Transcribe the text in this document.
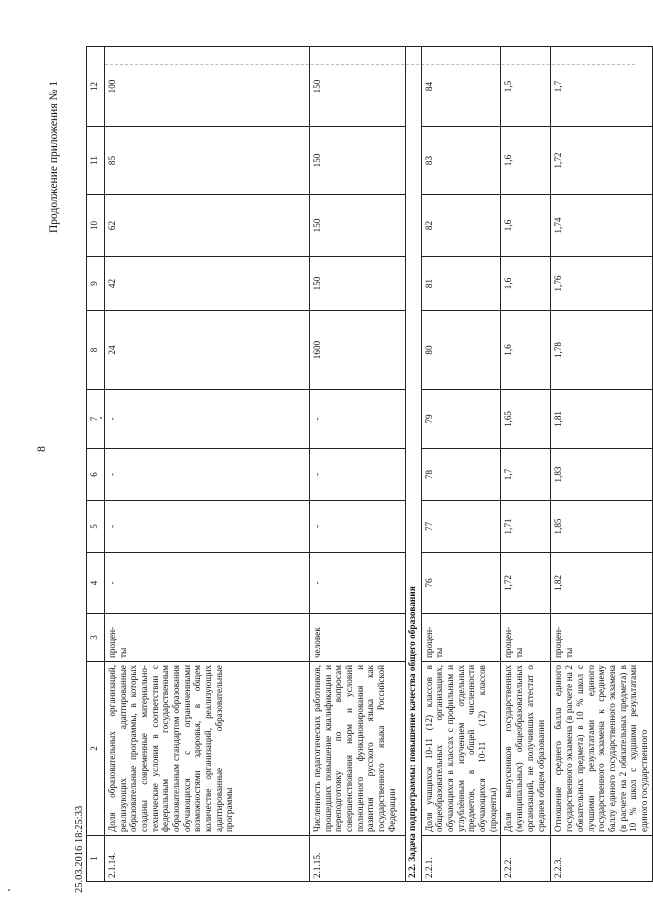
8
Продолжение приложения № 1
25.03.2016 18:25:33
1	2	3	4	5	6	7	8	9	10	11	12
2.1.14.	Доля образовательных организаций, реализующих адаптированные образовательные программы, в которых созданы современные материально-технические условия в соответствии с федеральным государственным образовательным стандартом образования обучающихся с ограниченными возможностями здоровья, в общем количестве организаций, реализующих адаптированные образовательные программы	процен-ты	-	-	-	-	24	42	62	85	100
2.1.15.	Численность педагогических работников, прошедших повышение квалификации и переподготовку по вопросам совершенствования норм и условий полноценного функционирования и развития русского языка как государственного языка Российской Федерации	человек	-	-	-	-	1600	150	150	150	150
2.2. Задача подпрограммы: повышение качества общего образования											
2.2.1.	Доля учащихся 10-11 (12) классов в общеобразовательных организациях, обучающихся в классах с профильным и углублённым изучением отдельных предметов, в общей численности обучающихся 10-11 (12) классов (проценты)	процен-ты	76	77	78	79	80	81	82	83	84
2.2.2.	Доля выпускников государственных (муниципальных) общеобразовательных организаций, не получивших аттестат о среднем общем образовании	процен-ты	1,72	1,71	1,7	1,65	1,6	1,6	1,6	1,6	1,5
2.2.3.	Отношение среднего балла единого государственного экзамена (в расчете на 2 обязательных предмета) в 10 % школ с лучшими результатами единого государственного экзамена к среднему баллу единого государственного экзамена (в расчете на 2 обязательных предмета) в 10 % школ с худшими результатами единого государственного	процен-ты	1,82	1,85	1,83	1,81	1,78	1,76	1,74	1,72	1,7
